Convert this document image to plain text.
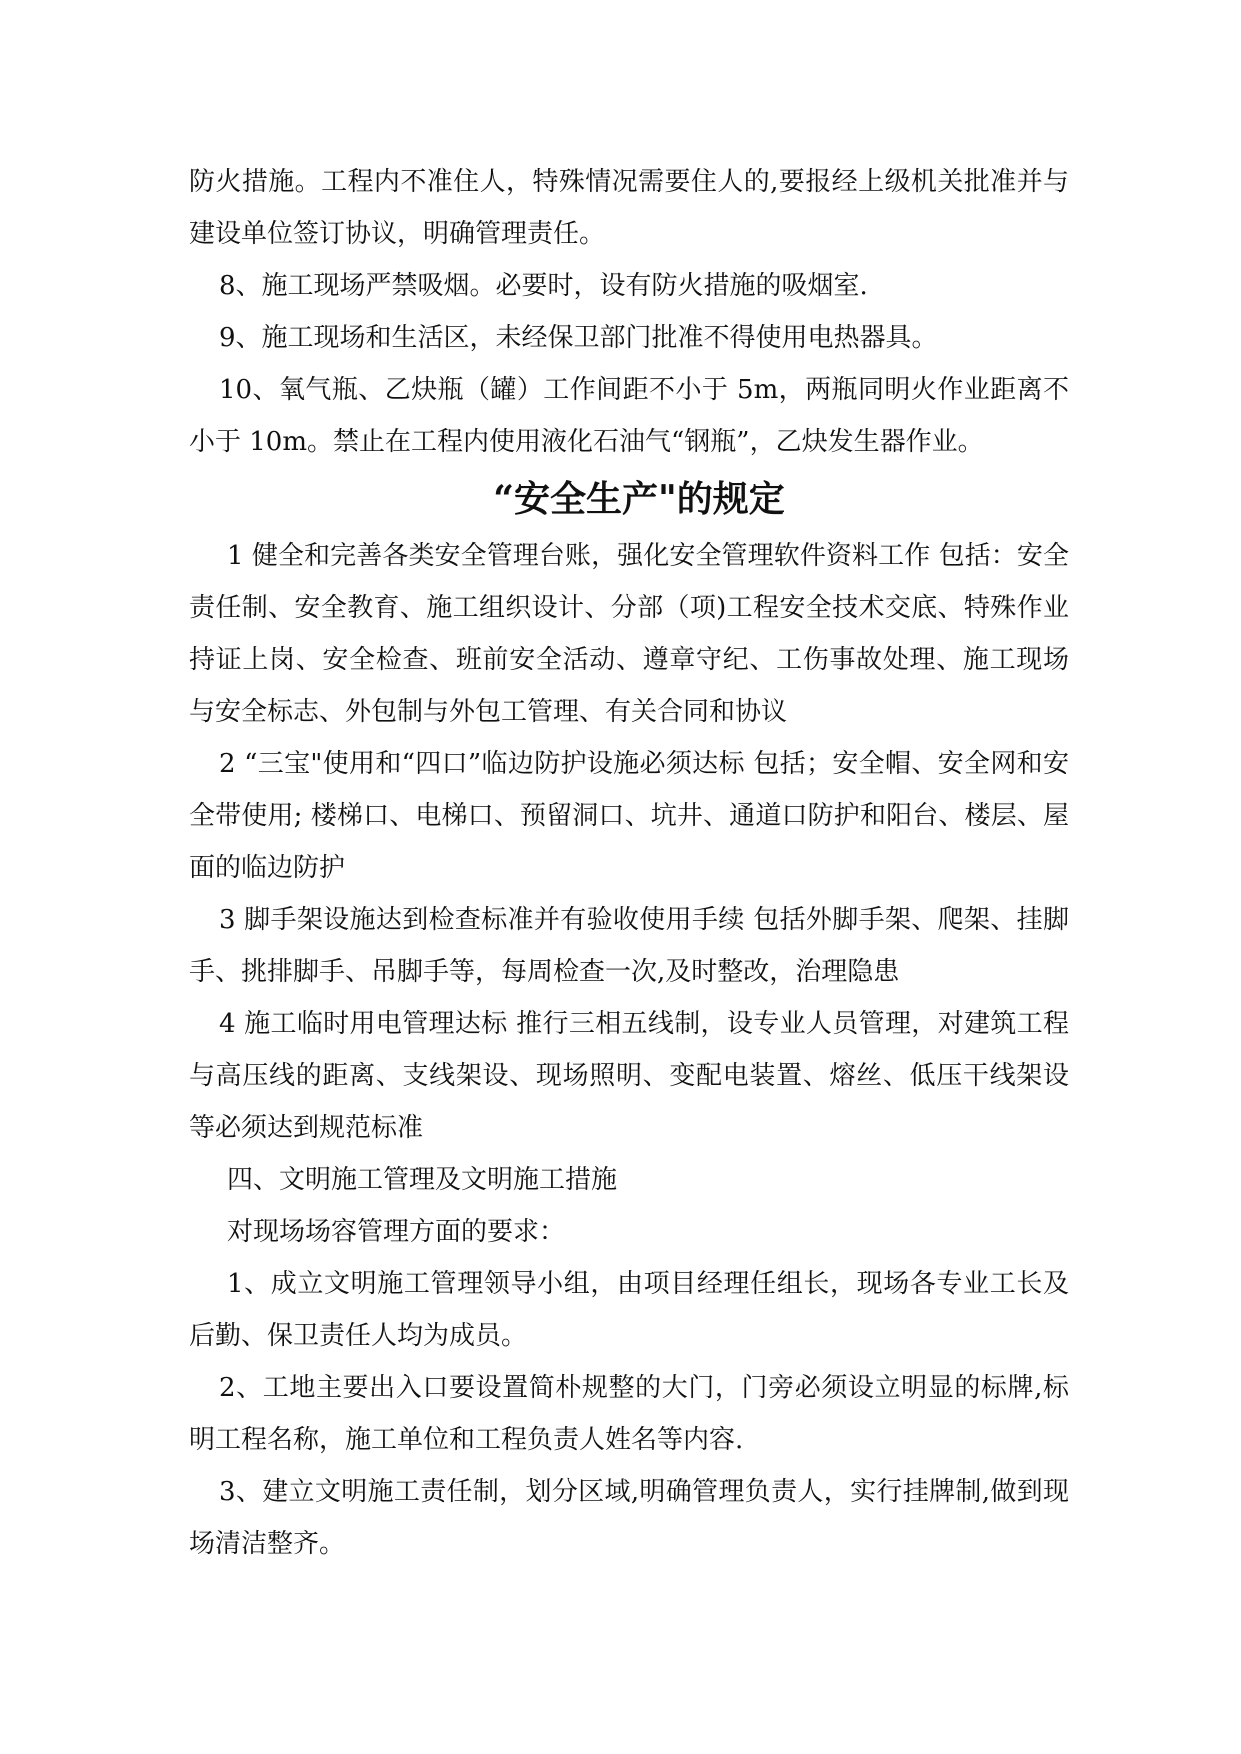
防火措施。工程内不准住人，特殊情况需要住人的,要报经上级机关批准并与建设单位签订协议，明确管理责任。

8、施工现场严禁吸烟。必要时，设有防火措施的吸烟室.

9、施工现场和生活区，未经保卫部门批准不得使用电热器具。

10、氧气瓶、乙炔瓶（罐）工作间距不小于 5m，两瓶同明火作业距离不小于 10m。禁止在工程内使用液化石油气“钢瓶”，乙炔发生器作业。

“安全生产"的规定

1 健全和完善各类安全管理台账，强化安全管理软件资料工作 包括：安全责任制、安全教育、施工组织设计、分部（项)工程安全技术交底、特殊作业持证上岗、安全检查、班前安全活动、遵章守纪、工伤事故处理、施工现场与安全标志、外包制与外包工管理、有关合同和协议

2 “三宝"使用和“四口”临边防护设施必须达标 包括；安全帽、安全网和安全带使用; 楼梯口、电梯口、预留洞口、坑井、通道口防护和阳台、楼层、屋面的临边防护

3 脚手架设施达到检查标准并有验收使用手续 包括外脚手架、爬架、挂脚手、挑排脚手、吊脚手等，每周检查一次,及时整改，治理隐患

4 施工临时用电管理达标 推行三相五线制，设专业人员管理，对建筑工程与高压线的距离、支线架设、现场照明、变配电装置、熔丝、低压干线架设等必须达到规范标准

四、文明施工管理及文明施工措施

对现场场容管理方面的要求：

1、成立文明施工管理领导小组，由项目经理任组长，现场各专业工长及后勤、保卫责任人均为成员。

2、工地主要出入口要设置简朴规整的大门，门旁必须设立明显的标牌,标明工程名称，施工单位和工程负责人姓名等内容.

3、建立文明施工责任制，划分区域,明确管理负责人，实行挂牌制,做到现场清洁整齐。
